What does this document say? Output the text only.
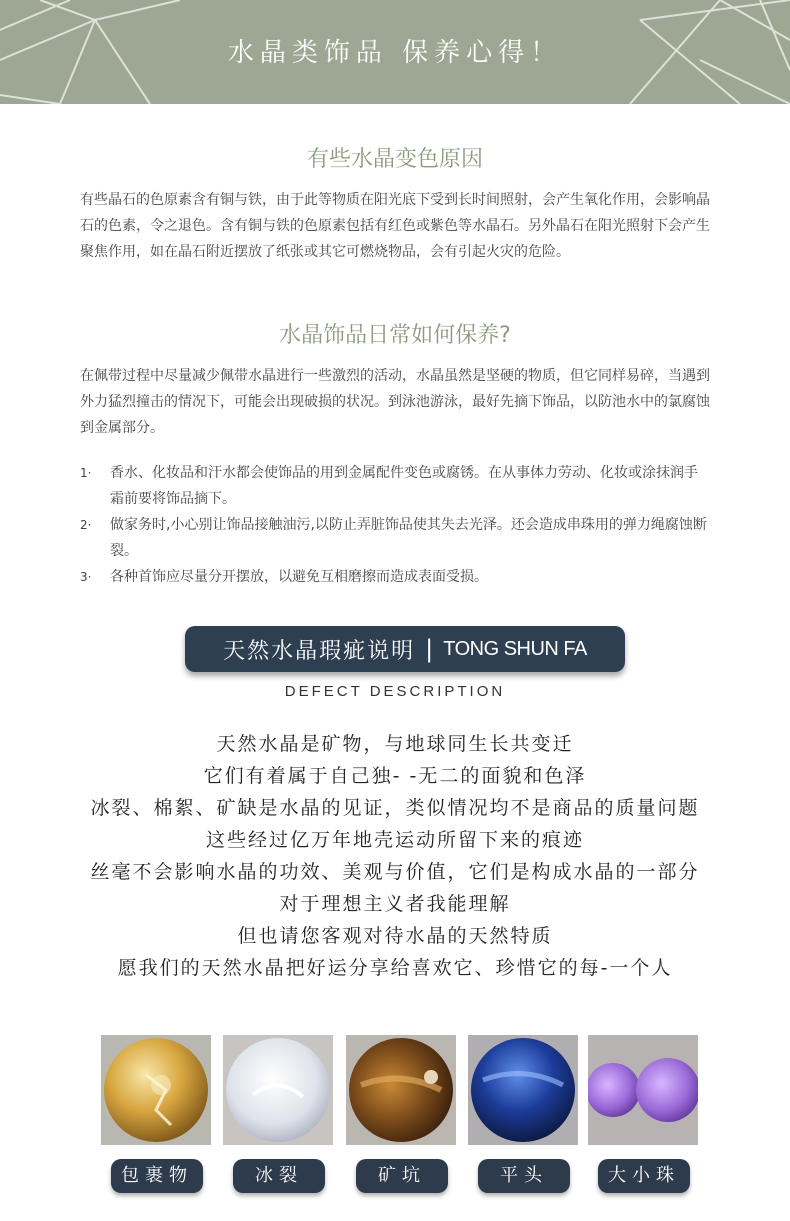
水晶类饰品 保养心得！
有些水晶变色原因
有些晶石的色原素含有铜与铁，由于此等物质在阳光底下受到长时间照射，会产生氧化作用，会影响晶石的色素，令之退色。含有铜与铁的色原素包括有红色或紫色等水晶石。另外晶石在阳光照射下会产生聚焦作用，如在晶石附近摆放了纸张或其它可燃烧物品，会有引起火灾的危险。
水晶饰品日常如何保养?
在佩带过程中尽量减少佩带水晶进行一些激烈的活动，水晶虽然是坚硬的物质，但它同样易碎，当遇到外力猛烈撞击的情况下，可能会出现破损的状况。到泳池游泳，最好先摘下饰品，以防池水中的氯腐蚀到金属部分。
1· 香水、化妆品和汗水都会使饰品的用到金属配件变色或腐锈。在从事体力劳动、化妆或涂抹润手霜前要将饰品摘下。
2· 做家务时,小心别让饰品接触油污,以防止弄脏饰品使其失去光泽。还会造成串珠用的弹力绳腐蚀断裂。
3· 各种首饰应尽量分开摆放，以避免互相磨擦而造成表面受损。
天然水晶瑕疵说明 | TONG SHUN FA
DEFECT DESCRIPTION
天然水晶是矿物，与地球同生长共变迁
它们有着属于自己独- -无二的面貌和色泽
冰裂、棉絮、矿缺是水晶的见证，类似情况均不是商品的质量问题
这些经过亿万年地壳运动所留下来的痕迹
丝毫不会影响水晶的功效、美观与价值，它们是构成水晶的一部分
对于理想主义者我能理解
但也请您客观对待水晶的天然特质
愿我们的天然水晶把好运分享给喜欢它、珍惜它的每-一个人
包裹物	冰裂	矿坑	平头	大小珠
